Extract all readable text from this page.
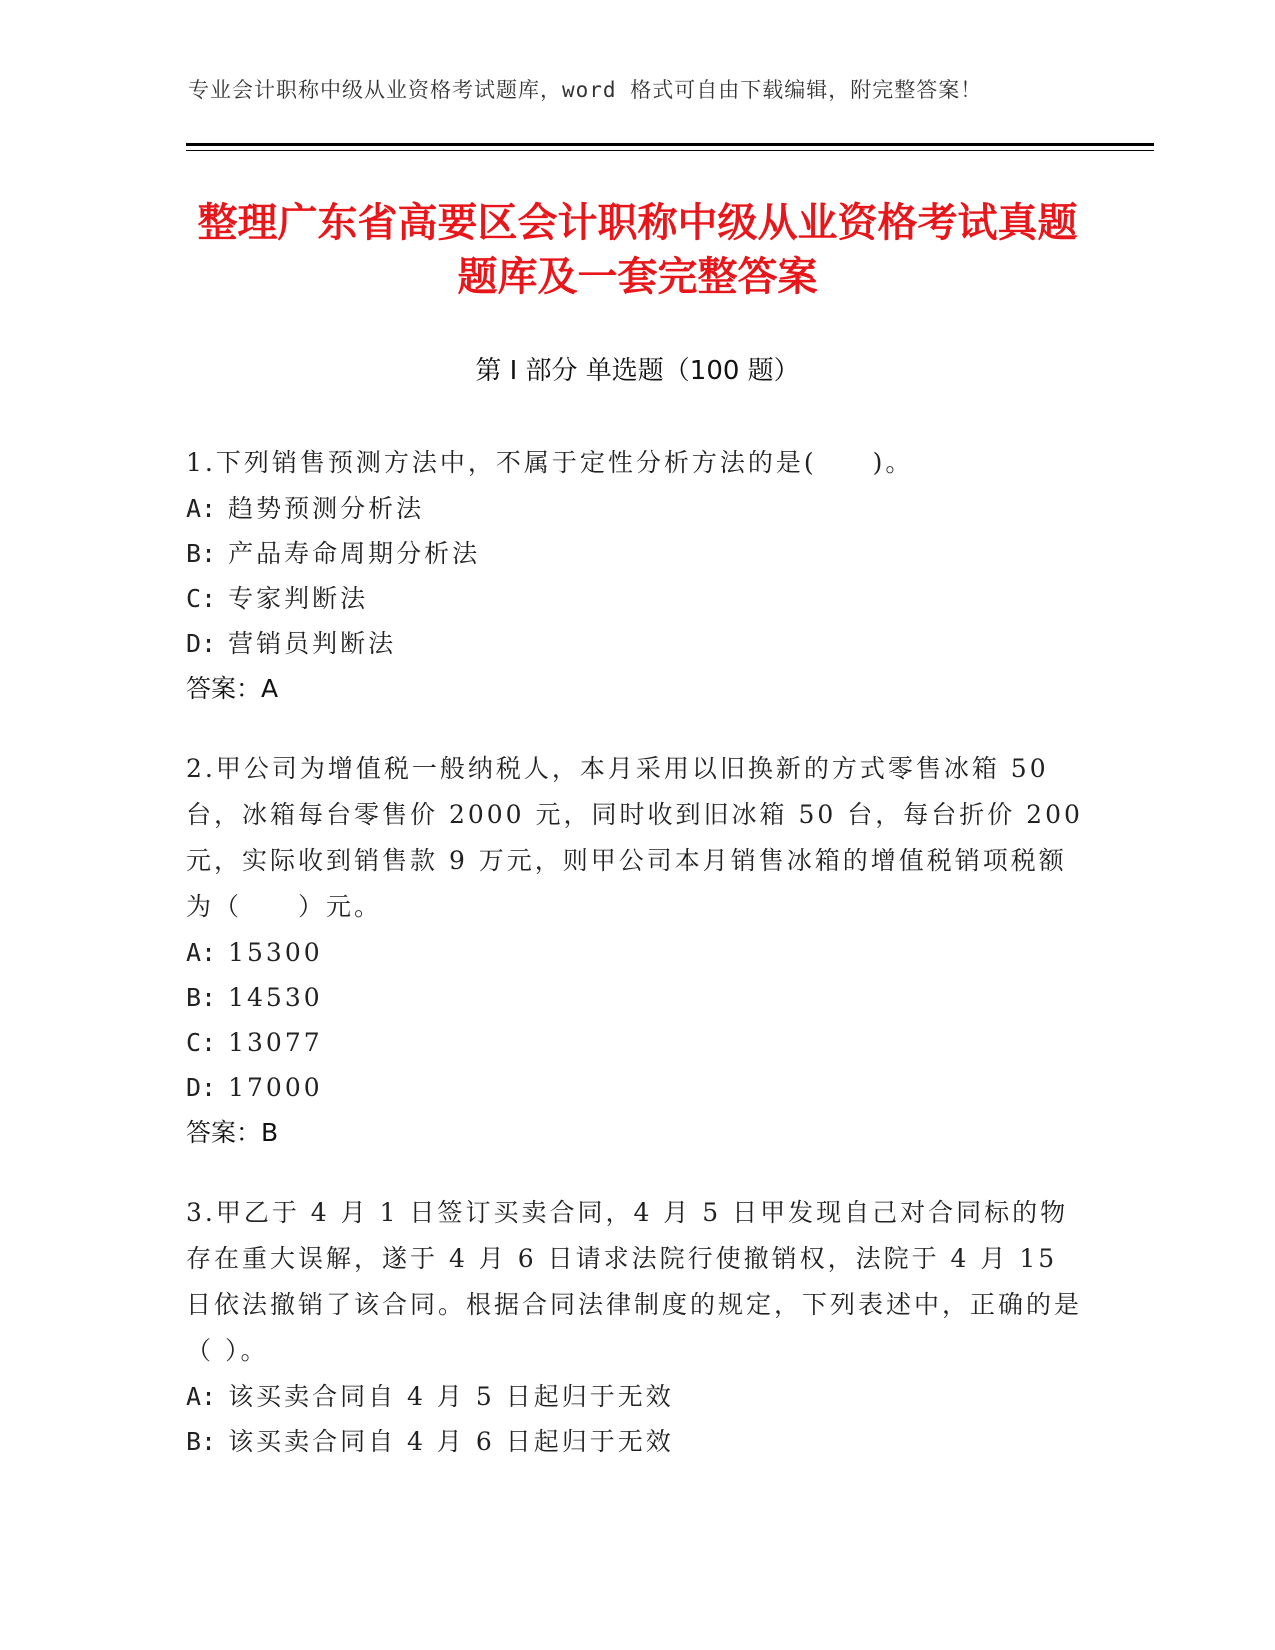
专业会计职称中级从业资格考试题库，word 格式可自由下载编辑，附完整答案！
整理广东省高要区会计职称中级从业资格考试真题题库及一套完整答案
第 I 部分 单选题（100 题）

1.下列销售预测方法中，不属于定性分析方法的是(　　)。

A: 趋势预测分析法

B: 产品寿命周期分析法

C: 专家判断法

D: 营销员判断法

答案：A

2.甲公司为增值税一般纳税人，本月采用以旧换新的方式零售冰箱 50 台，冰箱每台零售价 2000 元，同时收到旧冰箱 50 台，每台折价 200 元，实际收到销售款 9 万元，则甲公司本月销售冰箱的增值税销项税额为（　　）元。

A: 15300

B: 14530

C: 13077

D: 17000

答案：B

3.甲乙于 4 月 1 日签订买卖合同，4 月 5 日甲发现自己对合同标的物存在重大误解，遂于 4 月 6 日请求法院行使撤销权，法院于 4 月 15 日依法撤销了该合同。根据合同法律制度的规定，下列表述中，正确的是（ ）。

A: 该买卖合同自 4 月 5 日起归于无效

B: 该买卖合同自 4 月 6 日起归于无效
